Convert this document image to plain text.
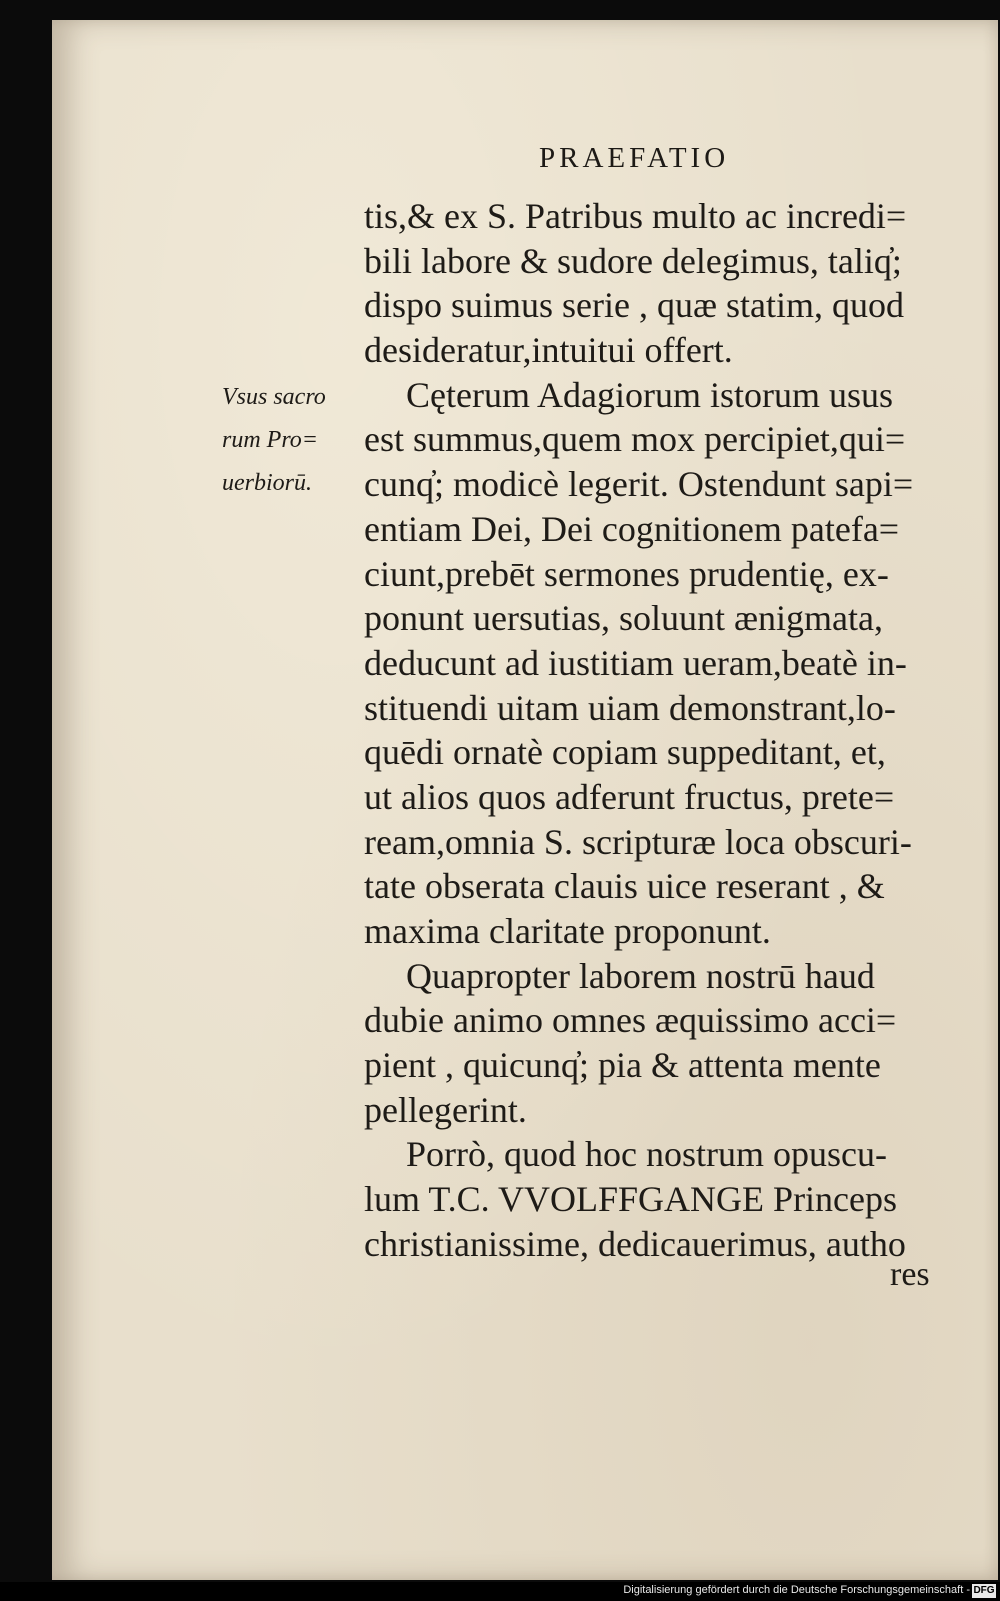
PRAEFATIO
Vsus sacro
rum Pro=
uerbiorū.
tis,& ex S. Patribus multo ac incredi=
bili labore & sudore delegimus, taliq̓;
dispo suimus serie , quæ statim, quod
desideratur,intuitui offert.
Cęterum Adagiorum istorum usus
est summus,quem mox percipiet,qui=
cunq̓; modicè legerit. Ostendunt sapi=
entiam Dei, Dei cognitionem patefa=
ciunt,prebēt sermones prudentię, ex-
ponunt uersutias, soluunt ænigmata,
deducunt ad iustitiam ueram,beatè in-
stituendi uitam uiam demonstrant,lo-
quēdi ornatè copiam suppeditant, et,
ut alios quos adferunt fructus, prete=
ream,omnia S. scripturæ loca obscuri-
tate obserata clauis uice reserant , &
maxima claritate proponunt.
Quapropter laborem nostrū haud
dubie animo omnes æquissimo acci=
pient , quicunq̓; pia & attenta mente
pellegerint.
Porrò, quod hoc nostrum opuscu-
lum T.C. VVOLFFGANGE Princeps
christianissime, dedicauerimus, autho
res
Digitalisierung gefördert durch die Deutsche Forschungsgemeinschaft - DFG
